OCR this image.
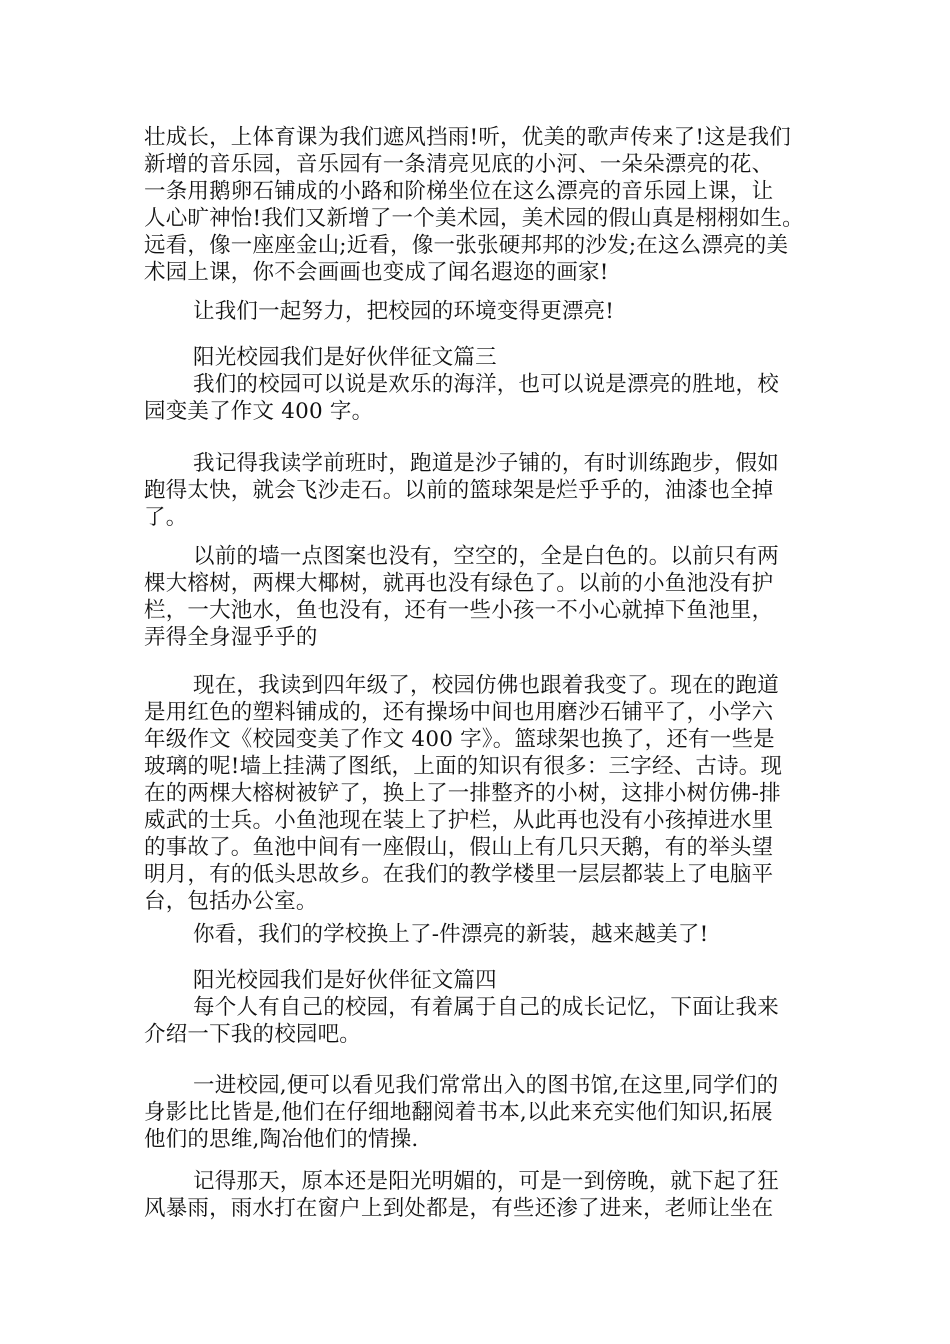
壮成长，上体育课为我们遮风挡雨!听，优美的歌声传来了!这是我们
新增的音乐园，音乐园有一条清亮见底的小河、一朵朵漂亮的花、
一条用鹅卵石铺成的小路和阶梯坐位在这么漂亮的音乐园上课，让
人心旷神怡!我们又新增了一个美术园，美术园的假山真是栩栩如生。
远看，像一座座金山;近看，像一张张硬邦邦的沙发;在这么漂亮的美
术园上课，你不会画画也变成了闻名遐迩的画家!
让我们一起努力，把校园的环境变得更漂亮!
阳光校园我们是好伙伴征文篇三
我们的校园可以说是欢乐的海洋，也可以说是漂亮的胜地，校
园变美了作文 400 字。
我记得我读学前班时，跑道是沙子铺的，有时训练跑步，假如
跑得太快，就会飞沙走石。以前的篮球架是烂乎乎的，油漆也全掉
了。
以前的墙一点图案也没有，空空的，全是白色的。以前只有两
棵大榕树，两棵大椰树，就再也没有绿色了。以前的小鱼池没有护
栏，一大池水，鱼也没有，还有一些小孩一不小心就掉下鱼池里，
弄得全身湿乎乎的
现在，我读到四年级了，校园仿佛也跟着我变了。现在的跑道
是用红色的塑料铺成的，还有操场中间也用磨沙石铺平了，小学六
年级作文《校园变美了作文 400 字》。篮球架也换了，还有一些是
玻璃的呢!墙上挂满了图纸，上面的知识有很多：三字经、古诗。现
在的两棵大榕树被铲了，换上了一排整齐的小树，这排小树仿佛-排
威武的士兵。小鱼池现在装上了护栏，从此再也没有小孩掉进水里
的事故了。鱼池中间有一座假山，假山上有几只天鹅，有的举头望
明月，有的低头思故乡。在我们的教学楼里一层层都装上了电脑平
台，包括办公室。
你看，我们的学校换上了-件漂亮的新装，越来越美了!
阳光校园我们是好伙伴征文篇四
每个人有自己的校园，有着属于自己的成长记忆，下面让我来
介绍一下我的校园吧。
一进校园,便可以看见我们常常出入的图书馆,在这里,同学们的
身影比比皆是,他们在仔细地翻阅着书本,以此来充实他们知识,拓展
他们的思维,陶冶他们的情操.
记得那天，原本还是阳光明媚的，可是一到傍晚，就下起了狂
风暴雨，雨水打在窗户上到处都是，有些还渗了进来，老师让坐在
